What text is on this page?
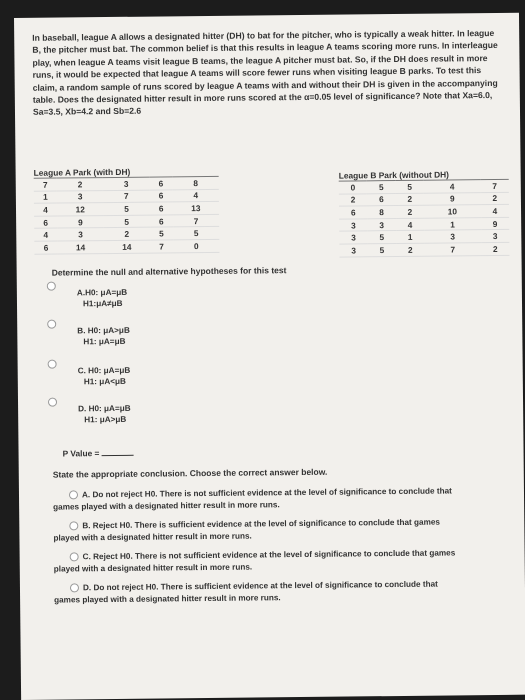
In baseball, league A allows a designated hitter (DH) to bat for the pitcher, who is typically a weak hitter. In league B, the pitcher must bat. The common belief is that this results in league A teams scoring more runs. In interleague play, when league A teams visit league B teams, the league A pitcher must bat. So, if the DH does result in more runs, it would be expected that league A teams will score fewer runs when visiting league B parks. To test this claim, a random sample of runs scored by league A teams with and without their DH is given in the accompanying table. Does the designated hitter result in more runs scored at the α=0.05 level of significance? Note that Xa=6.0, Sa=3.5, Xb=4.2 and Sb=2.6
League A Park (with DH)
7	2	3	6	8
1	3	7	6	4
4	12	5	6	13
6	9	5	6	7
4	3	2	5	5
6	14	14	7	0
League B Park (without DH)
0	5	5	4	7
2	6	2	9	2
6	8	2	10	4
3	3	4	1	9
3	5	1	3	3
3	5	2	7	2
Determine the null and alternative hypotheses for this test
A.H0: μA=μB
H1:μA≠μB
B. H0: μA>μB
H1: μA=μB
C. H0: μA=μB
H1: μA<μB
D. H0: μA=μB
H1: μA>μB
P Value =
State the appropriate conclusion. Choose the correct answer below.
A. Do not reject H0. There is not sufficient evidence at the level of significance to conclude that
games played with a designated hitter result in more runs.
B. Reject H0. There is sufficient evidence at the level of significance to conclude that games
played with a designated hitter result in more runs.
C. Reject H0. There is not sufficient evidence at the level of significance to conclude that games
played with a designated hitter result in more runs.
D. Do not reject H0. There is sufficient evidence at the level of significance to conclude that
games played with a designated hitter result in more runs.
